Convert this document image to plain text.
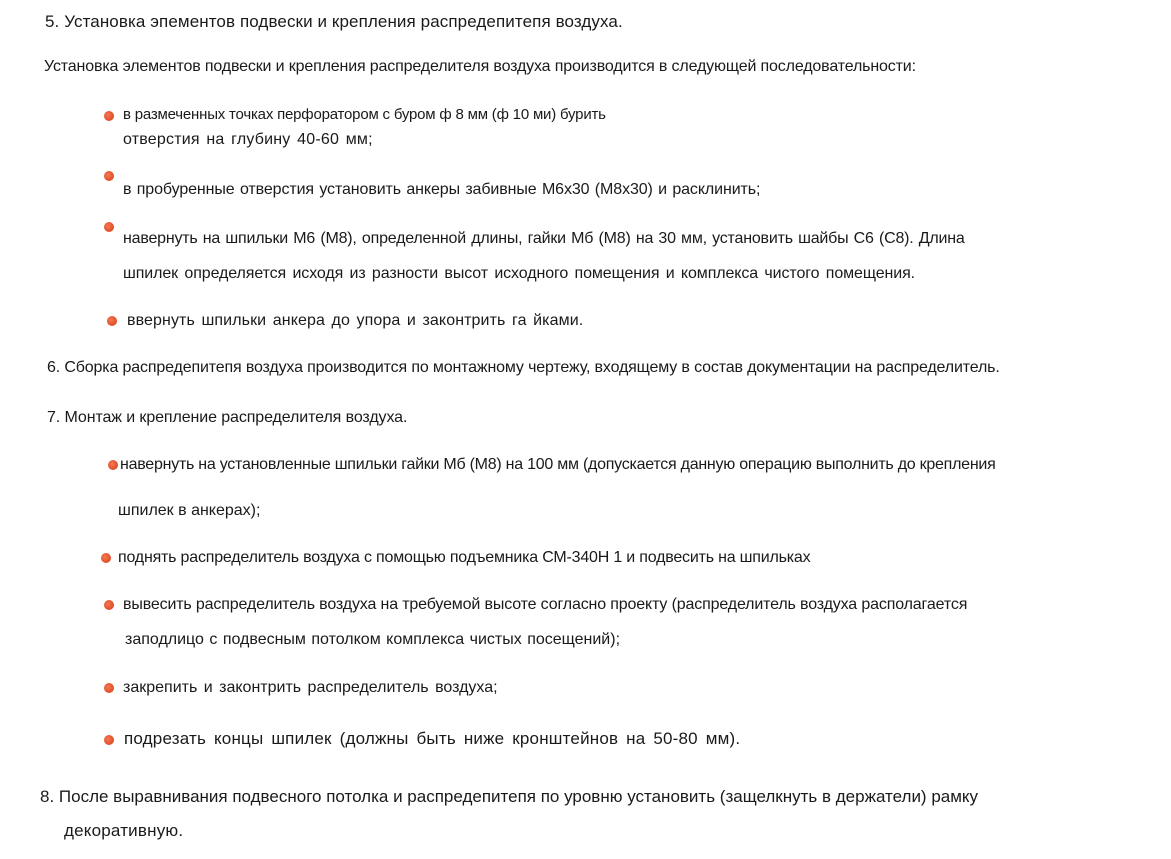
5. Установка эпементов подвески и крепления распредепитепя воздуха.
Установка элементов подвески и крепления распределителя воздуха производится в следующей последовательности:
в размеченных точках перфоратором с буром ф 8 мм (ф 10 ми) бурить
отверстия на глубину 40-60 мм;
в пробуренные отверстия установить анкеры забивные М6х30 (М8х30) и расклинить;
навернуть на шпильки М6 (М8), определенной длины, гайки Мб (М8) на 30 мм, установить шайбы С6 (С8). Длина
шпилек определяется исходя из разности высот исходного помещения и комплекса чистого помещения.
ввернуть шпильки анкера до упора и законтрить га йками.
6. Сборка распредепитепя воздуха производится по монтажному чертежу, входящему в состав документации на распределитель.
7. Монтаж и крепление распределителя воздуха.
навернуть на установленные шпильки гайки Мб (М8) на 100 мм (допускается данную операцию выполнить до крепления
шпилек в анкерах);
поднять распределитель воздуха с помощью подъемника СМ-340Н 1 и подвесить на шпильках
вывесить распределитель воздуха на требуемой высоте согласно проекту (распределитель воздуха располагается
заподлицо с подвесным потолком комплекса чистых посещений);
закрепить и законтрить распределитель воздуха;
подрезать концы шпилек (должны быть ниже кронштейнов на 50-80 мм).
8. После выравнивания подвесного потолка и распредепитепя по уровню установить (защелкнуть в держатели) рамку
декоративную.
